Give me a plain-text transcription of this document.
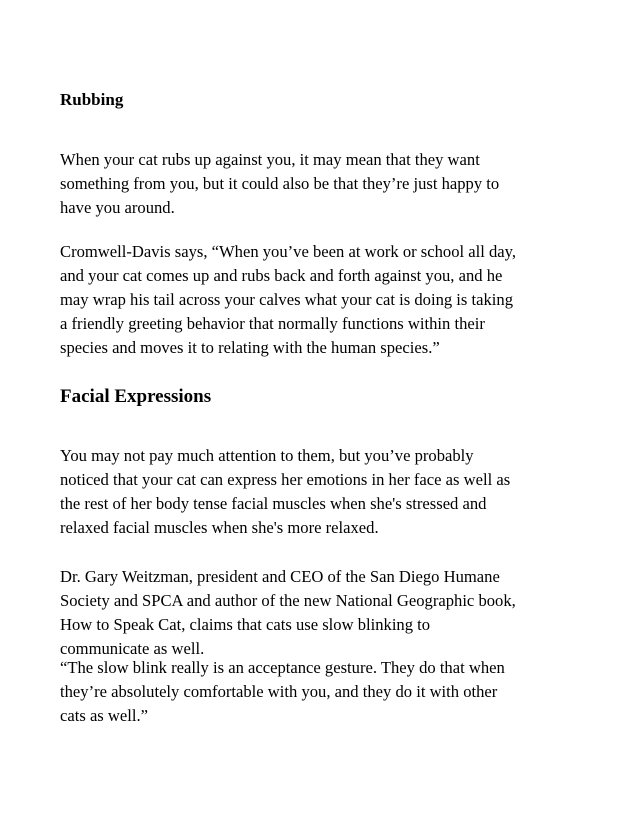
Rubbing

When your cat rubs up against you, it may mean that they want
something from you, but it could also be that they’re just happy to
have you around.

Cromwell-Davis says, “When you’ve been at work or school all day,
and your cat comes up and rubs back and forth against you, and he
may wrap his tail across your calves what your cat is doing is taking
a friendly greeting behavior that normally functions within their
species and moves it to relating with the human species.”

Facial Expressions

You may not pay much attention to them, but you’ve probably
noticed that your cat can express her emotions in her face as well as
the rest of her body tense facial muscles when she's stressed and
relaxed facial muscles when she's more relaxed.

Dr. Gary Weitzman, president and CEO of the San Diego Humane
Society and SPCA and author of the new National Geographic book,
How to Speak Cat, claims that cats use slow blinking to
communicate as well.

“The slow blink really is an acceptance gesture. They do that when
they’re absolutely comfortable with you, and they do it with other
cats as well.”
